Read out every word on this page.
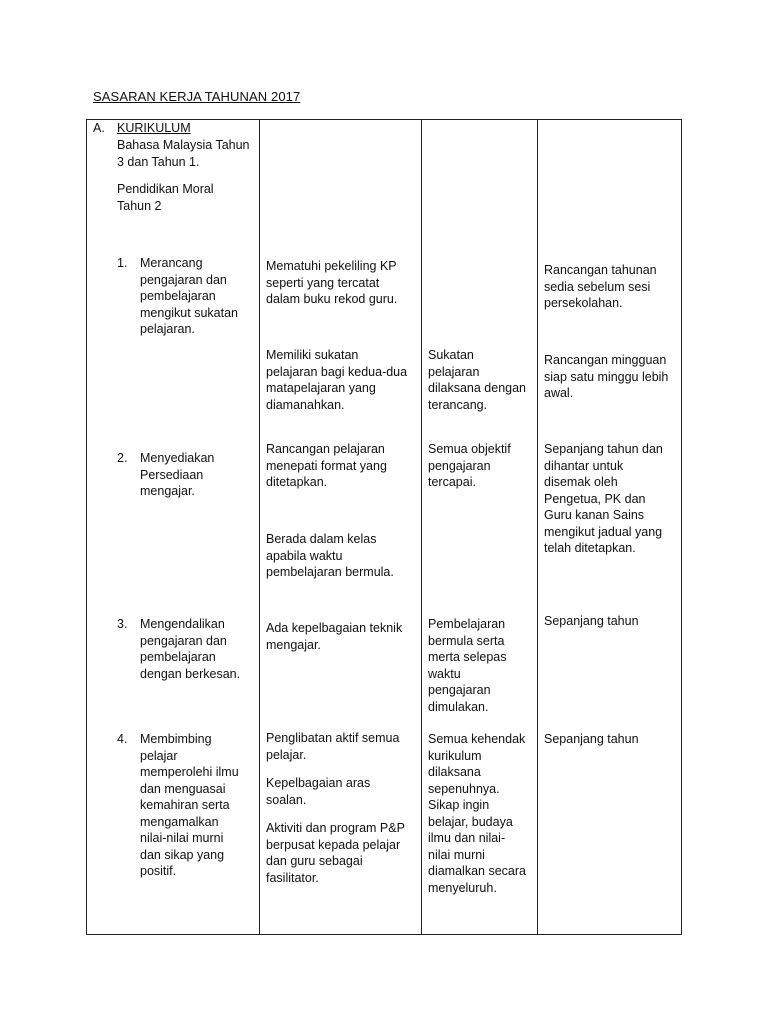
SASARAN KERJA TAHUNAN 2017
A. KURIKULUM
Bahasa Malaysia Tahun
3 dan Tahun 1.
Pendidikan Moral
Tahun 2
1. Merancang
pengajaran dan
pembelajaran
mengikut sukatan
pelajaran.
Mematuhi pekeliling KP
seperti yang tercatat
dalam buku rekod guru.
Memiliki sukatan
pelajaran bagi kedua-dua
matapelajaran yang
diamanahkan.
Sukatan
pelajaran
dilaksana dengan
terancang.
Rancangan tahunan
sedia sebelum sesi
persekolahan.
Rancangan mingguan
siap satu minggu lebih
awal.
2. Menyediakan
Persediaan
mengajar.
Rancangan pelajaran
menepati format yang
ditetapkan.
Berada dalam kelas
apabila waktu
pembelajaran bermula.
Semua objektif
pengajaran
tercapai.
Sepanjang tahun dan
dihantar untuk
disemak oleh
Pengetua, PK dan
Guru kanan Sains
mengikut jadual yang
telah ditetapkan.
3. Mengendalikan
pengajaran dan
pembelajaran
dengan berkesan.
Ada kepelbagaian teknik
mengajar.
Pembelajaran
bermula serta
merta selepas
waktu
pengajaran
dimulakan.
Sepanjang tahun
4. Membimbing
pelajar
memperolehi ilmu
dan menguasai
kemahiran serta
mengamalkan
nilai-nilai murni
dan sikap yang
positif.
Penglibatan aktif semua
pelajar.
Kepelbagaian aras
soalan.
Aktiviti dan program P&P
berpusat kepada pelajar
dan guru sebagai
fasilitator.
Semua kehendak
kurikulum
dilaksana
sepenuhnya.
Sikap ingin
belajar, budaya
ilmu dan nilai-
nilai murni
diamalkan secara
menyeluruh.
Sepanjang tahun
